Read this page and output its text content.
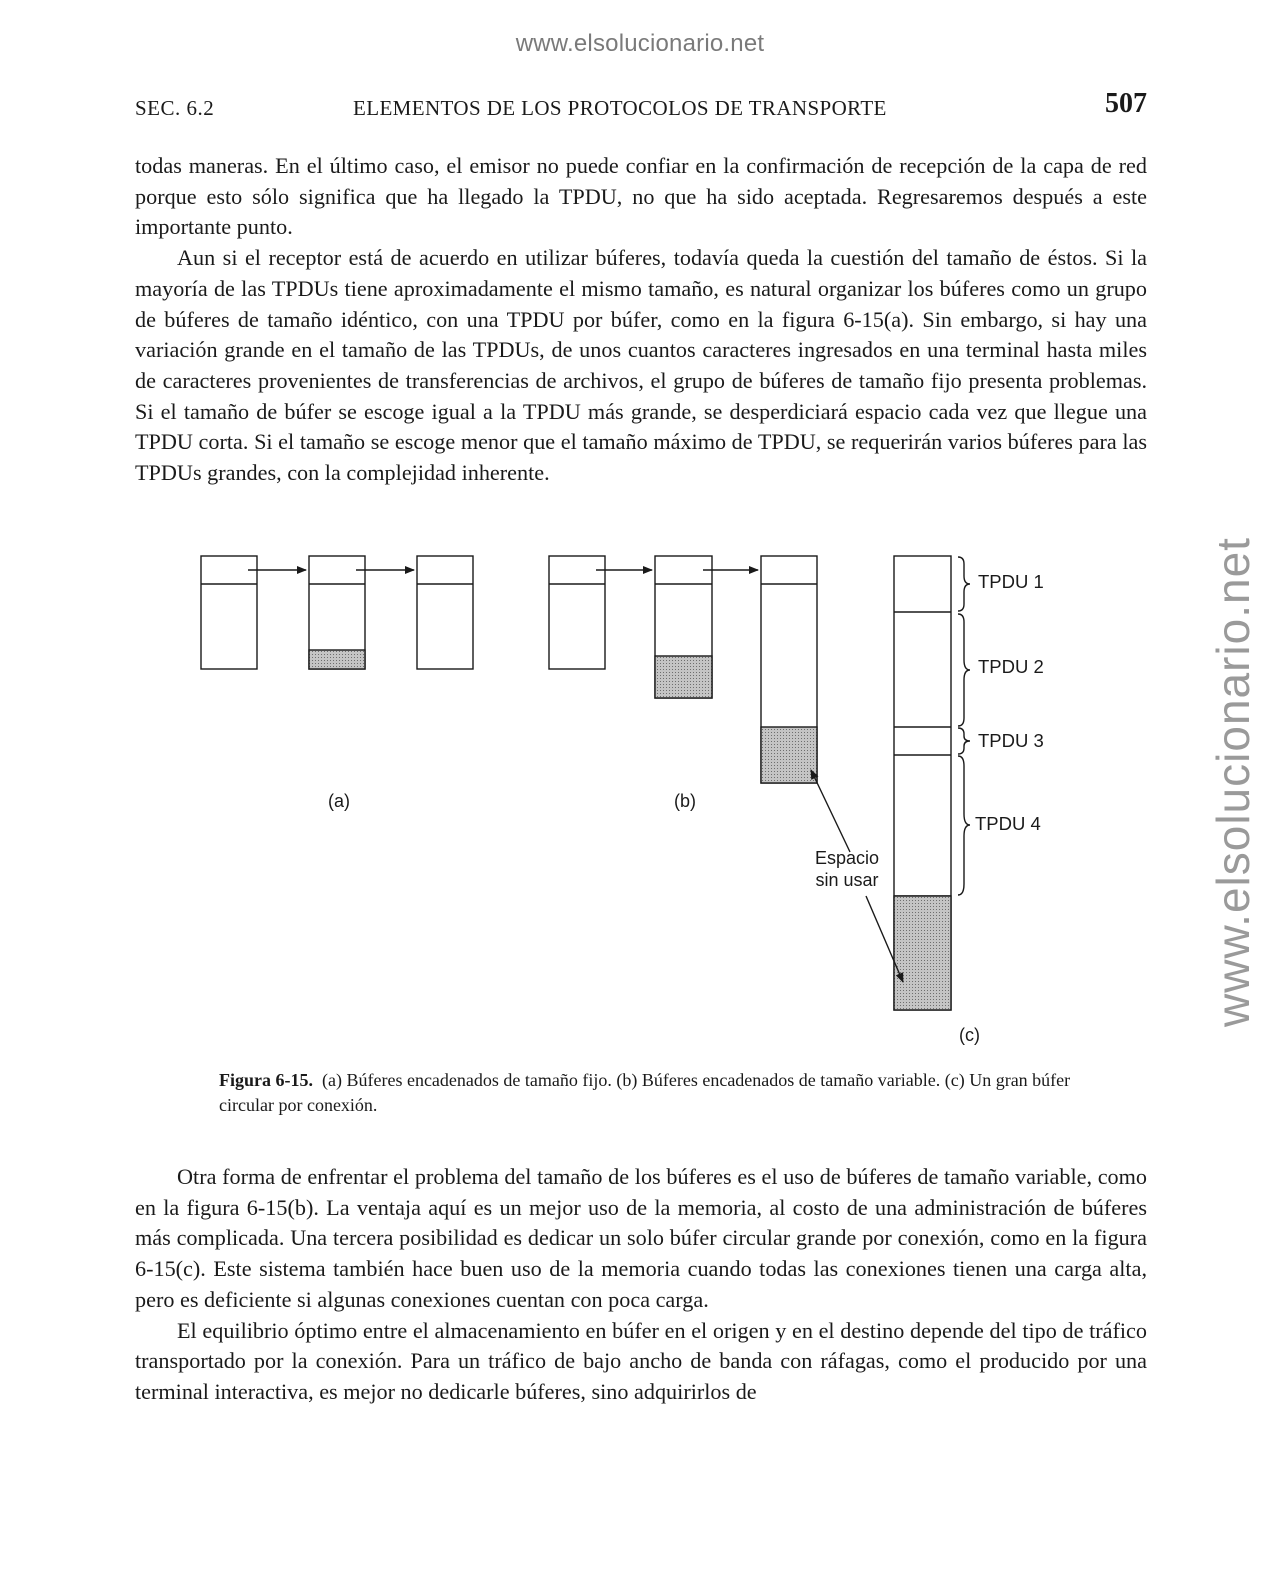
www.elsolucionario.net
www.elsolucionario.net
SEC. 6.2	ELEMENTOS DE LOS PROTOCOLOS DE TRANSPORTE	507

todas maneras. En el último caso, el emisor no puede confiar en la confirmación de recepción de la capa de red porque esto sólo significa que ha llegado la TPDU, no que ha sido aceptada. Regresaremos después a este importante punto.

Aun si el receptor está de acuerdo en utilizar búferes, todavía queda la cuestión del tamaño de éstos. Si la mayoría de las TPDUs tiene aproximadamente el mismo tamaño, es natural organizar los búferes como un grupo de búferes de tamaño idéntico, con una TPDU por búfer, como en la figura 6-15(a). Sin embargo, si hay una variación grande en el tamaño de las TPDUs, de unos cuantos caracteres ingresados en una terminal hasta miles de caracteres provenientes de transferencias de archivos, el grupo de búferes de tamaño fijo presenta problemas. Si el tamaño de búfer se escoge igual a la TPDU más grande, se desperdiciará espacio cada vez que llegue una TPDU corta. Si el tamaño se escoge menor que el tamaño máximo de TPDU, se requerirán varios búferes para las TPDUs grandes, con la complejidad inherente.

(a)	(b)
(c)
TPDU 1
TPDU 2
TPDU 3
TPDU 4
Espacio
sin usar
Figura 6-15. (a) Búferes encadenados de tamaño fijo. (b) Búferes encadenados de tamaño variable. (c) Un gran búfer circular por conexión.

Otra forma de enfrentar el problema del tamaño de los búferes es el uso de búferes de tamaño variable, como en la figura 6-15(b). La ventaja aquí es un mejor uso de la memoria, al costo de una administración de búferes más complicada. Una tercera posibilidad es dedicar un solo búfer circular grande por conexión, como en la figura 6-15(c). Este sistema también hace buen uso de la memoria cuando todas las conexiones tienen una carga alta, pero es deficiente si algunas conexiones cuentan con poca carga.

El equilibrio óptimo entre el almacenamiento en búfer en el origen y en el destino depende del tipo de tráfico transportado por la conexión. Para un tráfico de bajo ancho de banda con ráfagas, como el producido por una terminal interactiva, es mejor no dedicarle búferes, sino adquirirlos de
